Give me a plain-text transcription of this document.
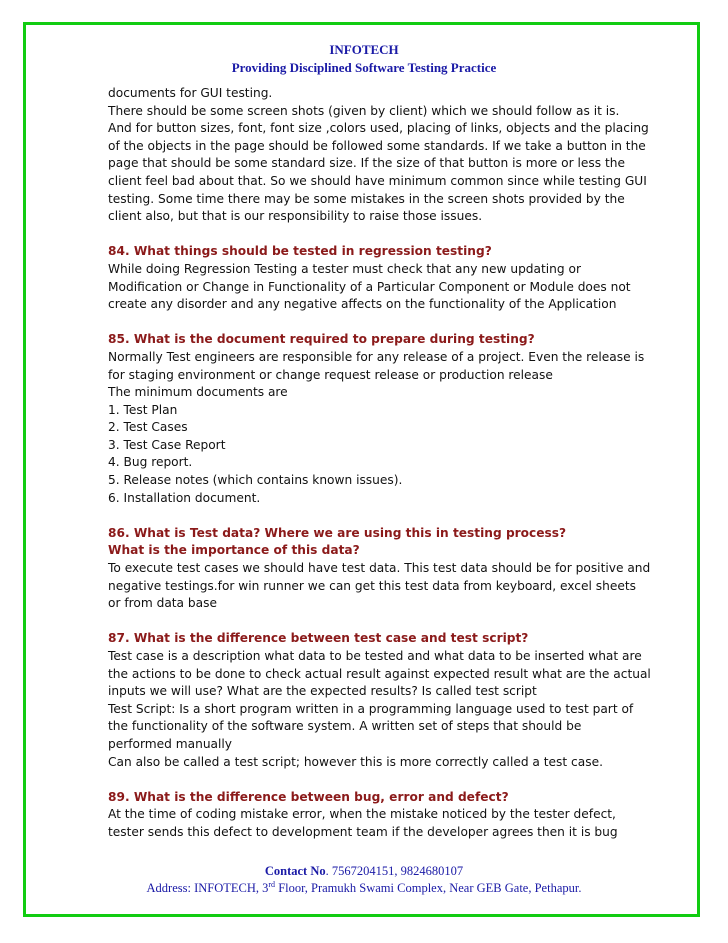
INFOTECH
Providing Disciplined Software Testing Practice
documents for GUI testing.
There should be some screen shots (given by client) which we should follow as it is.
And for button sizes, font, font size ,colors used, placing of links, objects and the placing
of the objects in the page should be followed some standards. If we take a button in the
page that should be some standard size. If the size of that button is more or less the
client feel bad about that. So we should have minimum common since while testing GUI
testing. Some time there may be some mistakes in the screen shots provided by the
client also, but that is our responsibility to raise those issues.
84. What things should be tested in regression testing?
While doing Regression Testing a tester must check that any new updating or
Modification or Change in Functionality of a Particular Component or Module does not
create any disorder and any negative affects on the functionality of the Application
85. What is the document required to prepare during testing?
Normally Test engineers are responsible for any release of a project. Even the release is
for staging environment or change request release or production release
The minimum documents are
1. Test Plan
2. Test Cases
3. Test Case Report
4. Bug report.
5. Release notes (which contains known issues).
6. Installation document.
86. What is Test data? Where we are using this in testing process?
What is the importance of this data?
To execute test cases we should have test data. This test data should be for positive and
negative testings.for win runner we can get this test data from keyboard, excel sheets
or from data base
87. What is the difference between test case and test script?
Test case is a description what data to be tested and what data to be inserted what are
the actions to be done to check actual result against expected result what are the actual
inputs we will use? What are the expected results? Is called test script
Test Script: Is a short program written in a programming language used to test part of
the functionality of the software system. A written set of steps that should be
performed manually
Can also be called a test script; however this is more correctly called a test case.
89. What is the difference between bug, error and defect?
At the time of coding mistake error, when the mistake noticed by the tester defect,
tester sends this defect to development team if the developer agrees then it is bug
Contact No. 7567204151, 9824680107
Address: INFOTECH, 3rd Floor, Pramukh Swami Complex, Near GEB Gate, Pethapur.
